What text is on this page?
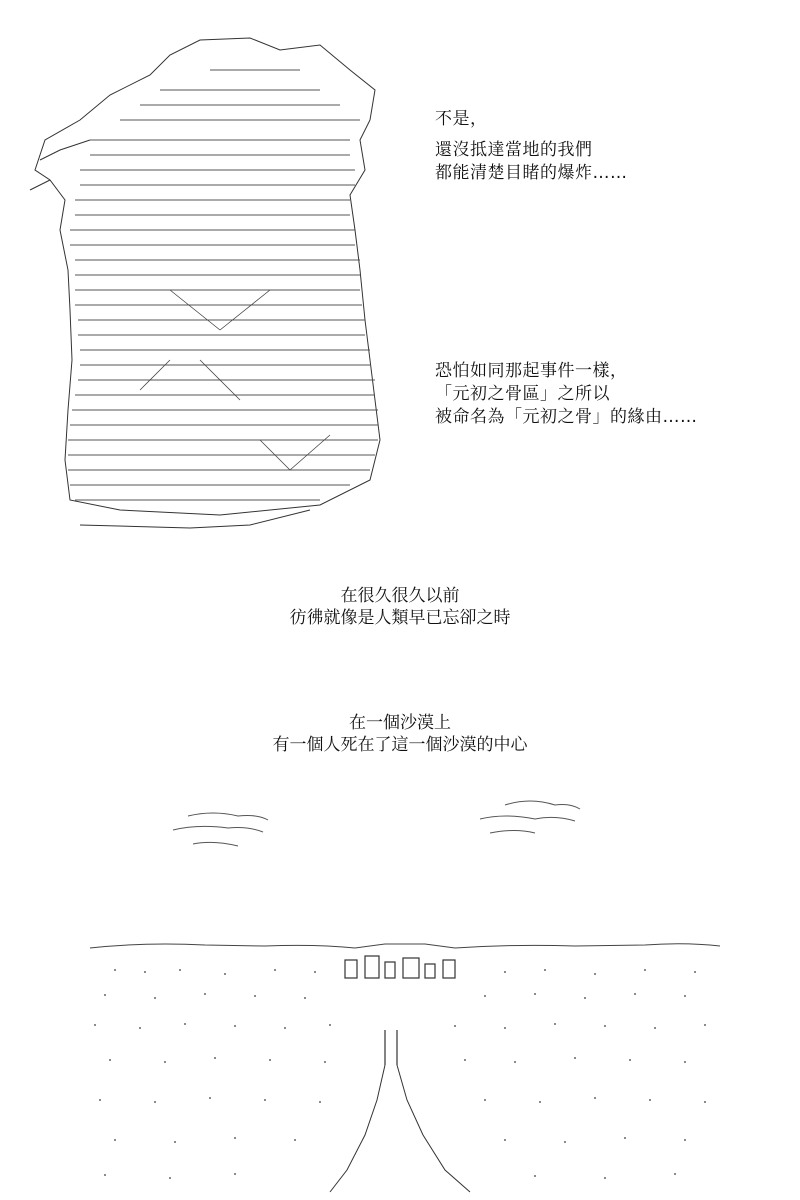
不是，
還沒抵達當地的我們
都能清楚目睹的爆炸……
恐怕如同那起事件一樣，
「元初之骨區」之所以
被命名為「元初之骨」的緣由……
在很久很久以前
彷彿就像是人類早已忘卻之時
在一個沙漠上
有一個人死在了這一個沙漠的中心
